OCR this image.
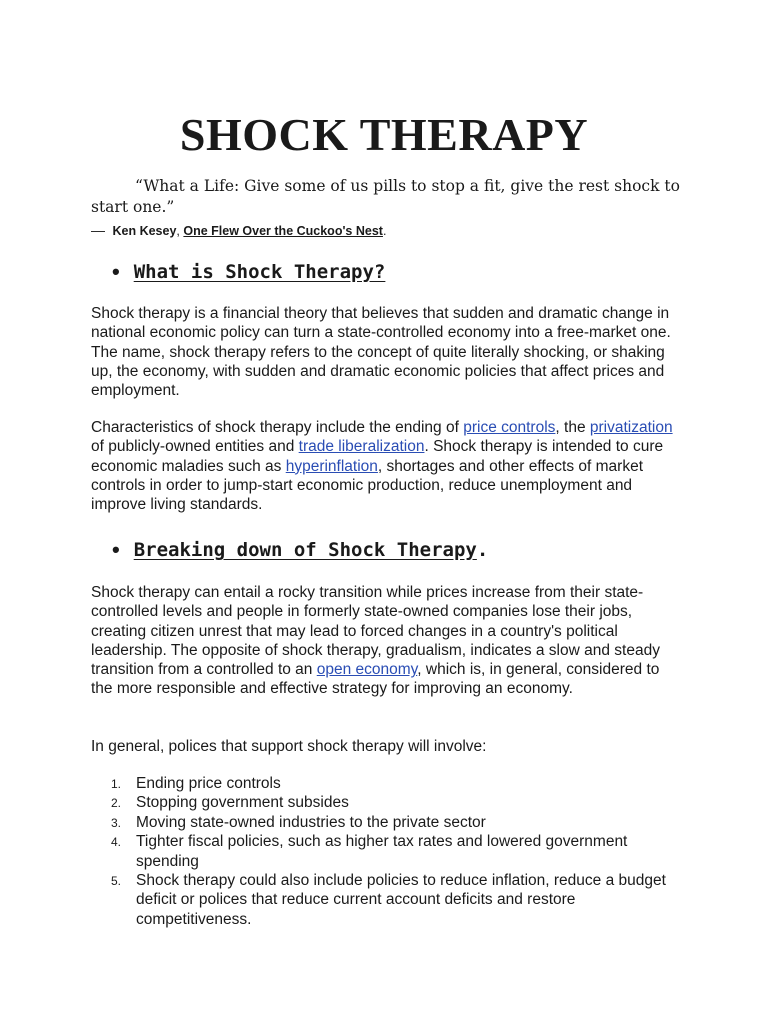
SHOCK THERAPY

“What a Life: Give some of us pills to stop a fit, give the rest shock to start one.”

— Ken Kesey, One Flew Over the Cuckoo's Nest.
• What is Shock Therapy?

Shock therapy is a financial theory that believes that sudden and dramatic change in national economic policy can turn a state-controlled economy into a free-market one. The name, shock therapy refers to the concept of quite literally shocking, or shaking up, the economy, with sudden and dramatic economic policies that affect prices and employment.

Characteristics of shock therapy include the ending of price controls, the privatization of publicly-owned entities and trade liberalization. Shock therapy is intended to cure economic maladies such as hyperinflation, shortages and other effects of market controls in order to jump-start economic production, reduce unemployment and improve living standards.

• Breaking down of Shock Therapy .

Shock therapy can entail a rocky transition while prices increase from their state-controlled levels and people in formerly state-owned companies lose their jobs, creating citizen unrest that may lead to forced changes in a country's political leadership. The opposite of shock therapy, gradualism, indicates a slow and steady transition from a controlled to an open economy, which is, in general, considered to the more responsible and effective strategy for improving an economy.

In general, polices that support shock therapy will involve:

1. Ending price controls
2. Stopping government subsides
3. Moving state-owned industries to the private sector
4. Tighter fiscal policies, such as higher tax rates and lowered government spending
5. Shock therapy could also include policies to reduce inflation, reduce a budget deficit or polices that reduce current account deficits and restore competitiveness.
